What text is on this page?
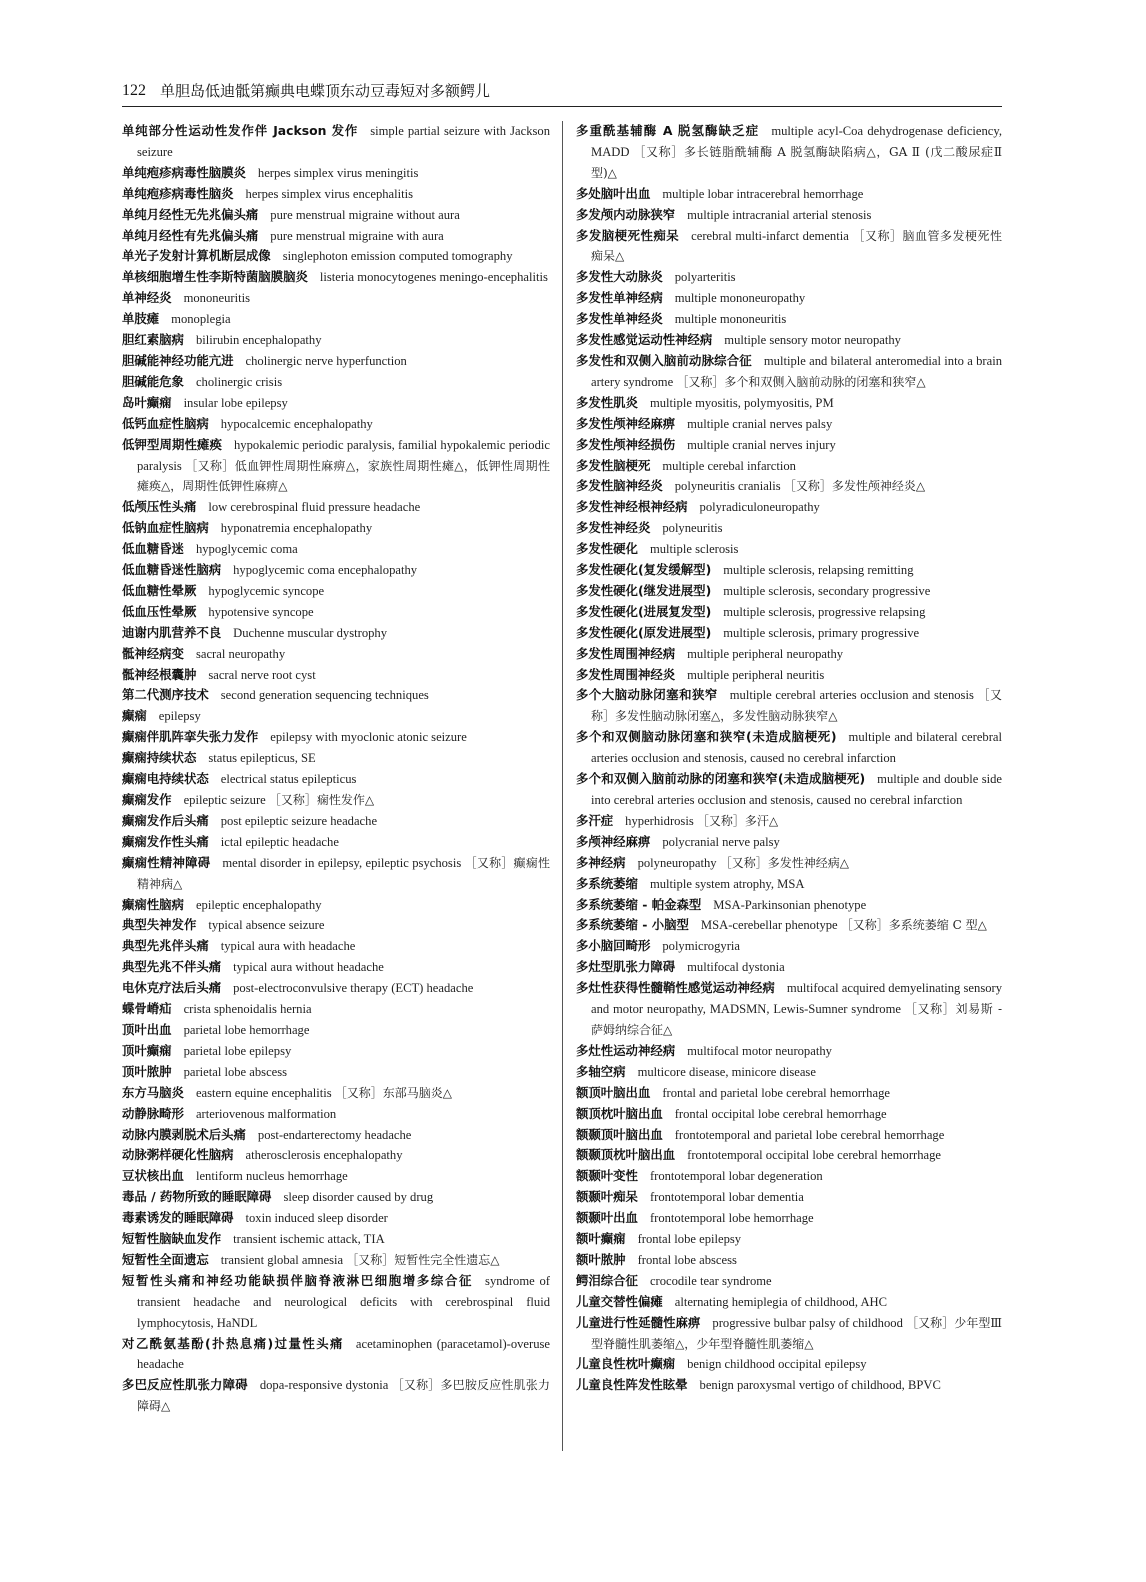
122 单胆岛低迪骶第癫典电蝶顶东动豆毒短对多额鳄儿

单纯部分性运动性发作伴 Jackson 发作 simple partial seizure with Jackson seizure

单纯疱疹病毒性脑膜炎 herpes simplex virus meningitis

单纯疱疹病毒性脑炎 herpes simplex virus encephalitis

单纯月经性无先兆偏头痛 pure menstrual migraine without aura

单纯月经性有先兆偏头痛 pure menstrual migraine with aura

单光子发射计算机断层成像 singlephoton emission computed tomography

单核细胞增生性李斯特菌脑膜脑炎 listeria monocytogenes meningo-encephalitis

单神经炎 mononeuritis

单肢瘫 monoplegia

胆红素脑病 bilirubin encephalopathy

胆碱能神经功能亢进 cholinergic nerve hyperfunction

胆碱能危象 cholinergic crisis

岛叶癫痫 insular lobe epilepsy

低钙血症性脑病 hypocalcemic encephalopathy

低钾型周期性瘫痪 hypokalemic periodic paralysis, familial hypokalemic periodic paralysis ［又称］低血钾性周期性麻痹△，家族性周期性瘫△，低钾性周期性瘫痪△，周期性低钾性麻痹△

低颅压性头痛 low cerebrospinal fluid pressure headache

低钠血症性脑病 hyponatremia encephalopathy

低血糖昏迷 hypoglycemic coma

低血糖昏迷性脑病 hypoglycemic coma encephalopathy

低血糖性晕厥 hypoglycemic syncope

低血压性晕厥 hypotensive syncope

迪谢内肌营养不良 Duchenne muscular dystrophy

骶神经病变 sacral neuropathy

骶神经根囊肿 sacral nerve root cyst

第二代测序技术 second generation sequencing techniques

癫痫 epilepsy

癫痫伴肌阵挛失张力发作 epilepsy with myoclonic atonic seizure

癫痫持续状态 status epilepticus, SE

癫痫电持续状态 electrical status epilepticus

癫痫发作 epileptic seizure ［又称］痫性发作△

癫痫发作后头痛 post epileptic seizure headache

癫痫发作性头痛 ictal epileptic headache

癫痫性精神障碍 mental disorder in epilepsy, epileptic psychosis ［又称］癫痫性精神病△

癫痫性脑病 epileptic encephalopathy

典型失神发作 typical absence seizure

典型先兆伴头痛 typical aura with headache

典型先兆不伴头痛 typical aura without headache

电休克疗法后头痛 post-electroconvulsive therapy (ECT) headache

蝶骨嵴疝 crista sphenoidalis hernia

顶叶出血 parietal lobe hemorrhage

顶叶癫痫 parietal lobe epilepsy

顶叶脓肿 parietal lobe abscess

东方马脑炎 eastern equine encephalitis ［又称］东部马脑炎△

动静脉畸形 arteriovenous malformation

动脉内膜剥脱术后头痛 post-endarterectomy headache

动脉粥样硬化性脑病 atherosclerosis encephalopathy

豆状核出血 lentiform nucleus hemorrhage

毒品 / 药物所致的睡眠障碍 sleep disorder caused by drug

毒素诱发的睡眠障碍 toxin induced sleep disorder

短暂性脑缺血发作 transient ischemic attack, TIA

短暂性全面遗忘 transient global amnesia ［又称］短暂性完全性遗忘△

短暂性头痛和神经功能缺损伴脑脊液淋巴细胞增多综合征 syndrome of transient headache and neurological deficits with cerebrospinal fluid lymphocytosis, HaNDL

对乙酰氨基酚(扑热息痛)过量性头痛 acetaminophen (paracetamol)-overuse headache

多巴反应性肌张力障碍 dopa-responsive dystonia ［又称］多巴胺反应性肌张力障碍△

多重酰基辅酶 A 脱氢酶缺乏症 multiple acyl-Coa dehydrogenase deficiency, MADD ［又称］多长链脂酰辅酶 A 脱氢酶缺陷病△，GA Ⅱ (戊二酸尿症Ⅱ型)△

多处脑叶出血 multiple lobar intracerebral hemorrhage

多发颅内动脉狭窄 multiple intracranial arterial stenosis

多发脑梗死性痴呆 cerebral multi-infarct dementia ［又称］脑血管多发梗死性痴呆△

多发性大动脉炎 polyarteritis

多发性单神经病 multiple mononeuropathy

多发性单神经炎 multiple mononeuritis

多发性感觉运动性神经病 multiple sensory motor neuropathy

多发性和双侧入脑前动脉综合征 multiple and bilateral anteromedial into a brain artery syndrome ［又称］多个和双侧入脑前动脉的闭塞和狭窄△

多发性肌炎 multiple myositis, polymyositis, PM

多发性颅神经麻痹 multiple cranial nerves palsy

多发性颅神经损伤 multiple cranial nerves injury

多发性脑梗死 multiple cerebal infarction

多发性脑神经炎 polyneuritis cranialis ［又称］多发性颅神经炎△

多发性神经根神经病 polyradiculoneuropathy

多发性神经炎 polyneuritis

多发性硬化 multiple sclerosis

多发性硬化(复发缓解型) multiple sclerosis, relapsing remitting

多发性硬化(继发进展型) multiple sclerosis, secondary progressive

多发性硬化(进展复发型) multiple sclerosis, progressive relapsing

多发性硬化(原发进展型) multiple sclerosis, primary progressive

多发性周围神经病 multiple peripheral neuropathy

多发性周围神经炎 multiple peripheral neuritis

多个大脑动脉闭塞和狭窄 multiple cerebral arteries occlusion and stenosis ［又称］多发性脑动脉闭塞△，多发性脑动脉狭窄△

多个和双侧脑动脉闭塞和狭窄(未造成脑梗死) multiple and bilateral cerebral arteries occlusion and stenosis, caused no cerebral infarction

多个和双侧入脑前动脉的闭塞和狭窄(未造成脑梗死) multiple and double side into cerebral arteries occlusion and stenosis, caused no cerebral infarction

多汗症 hyperhidrosis ［又称］多汗△

多颅神经麻痹 polycranial nerve palsy

多神经病 polyneuropathy ［又称］多发性神经病△

多系统萎缩 multiple system atrophy, MSA

多系统萎缩 - 帕金森型 MSA-Parkinsonian phenotype

多系统萎缩 - 小脑型 MSA-cerebellar phenotype ［又称］多系统萎缩 C 型△

多小脑回畸形 polymicrogyria

多灶型肌张力障碍 multifocal dystonia

多灶性获得性髓鞘性感觉运动神经病 multifocal acquired demyelinating sensory and motor neuropathy, MADSMN, Lewis-Sumner syndrome ［又称］刘易斯 - 萨姆纳综合征△

多灶性运动神经病 multifocal motor neuropathy

多轴空病 multicore disease, minicore disease

额顶叶脑出血 frontal and parietal lobe cerebral hemorrhage

额顶枕叶脑出血 frontal occipital lobe cerebral hemorrhage

额颞顶叶脑出血 frontotemporal and parietal lobe cerebral hemorrhage

额颞顶枕叶脑出血 frontotemporal occipital lobe cerebral hemorrhage

额颞叶变性 frontotemporal lobar degeneration

额颞叶痴呆 frontotemporal lobar dementia

额颞叶出血 frontotemporal lobe hemorrhage

额叶癫痫 frontal lobe epilepsy

额叶脓肿 frontal lobe abscess

鳄泪综合征 crocodile tear syndrome

儿童交替性偏瘫 alternating hemiplegia of childhood, AHC

儿童进行性延髓性麻痹 progressive bulbar palsy of childhood ［又称］少年型Ⅲ型脊髓性肌萎缩△，少年型脊髓性肌萎缩△

儿童良性枕叶癫痫 benign childhood occipital epilepsy

儿童良性阵发性眩晕 benign paroxysmal vertigo of childhood, BPVC
